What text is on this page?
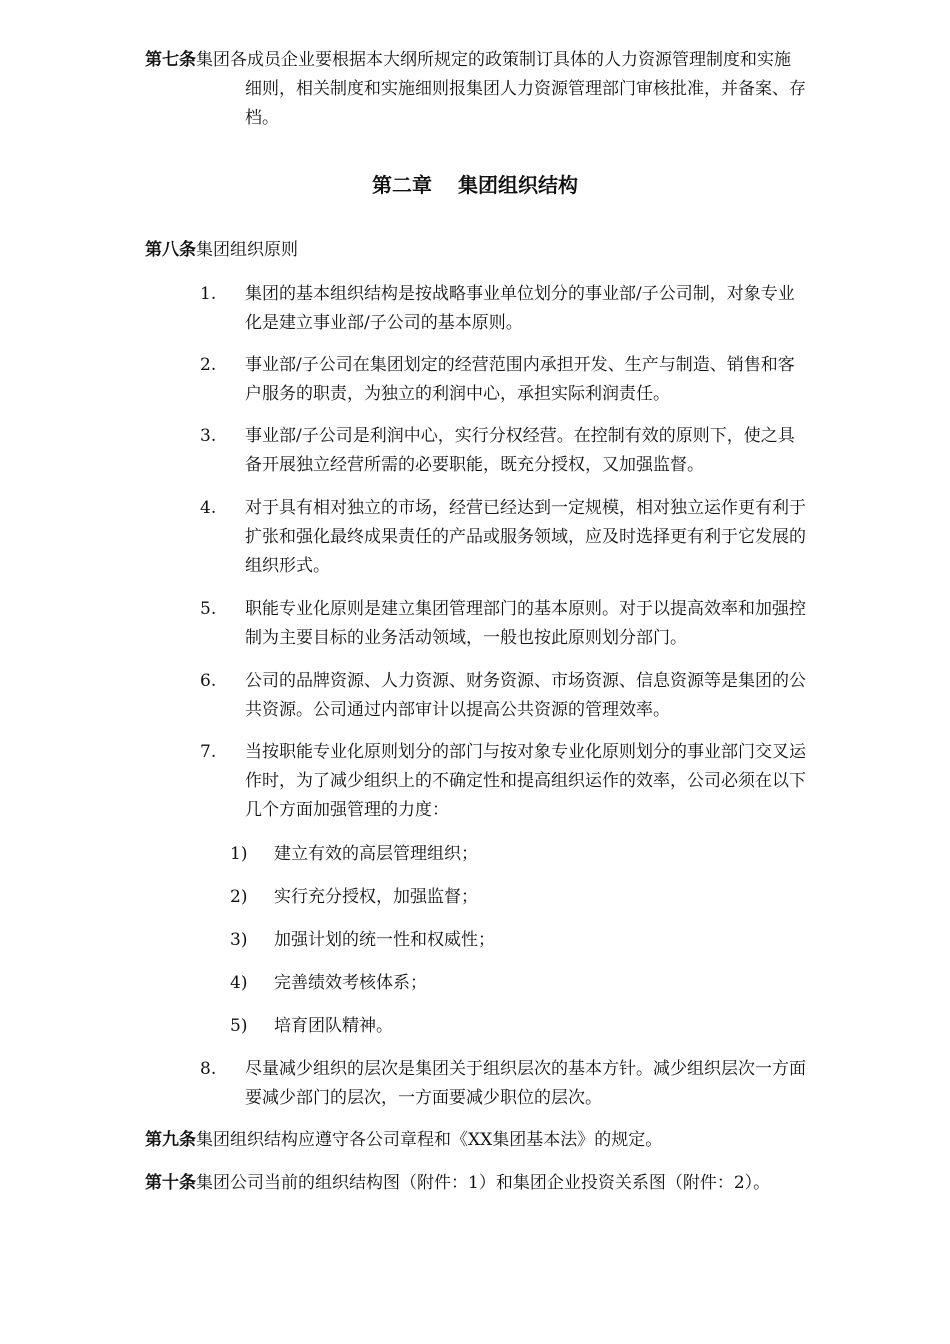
第七条集团各成员企业要根据本大纲所规定的政策制订具体的人力资源管理制度和实施
细则，相关制度和实施细则报集团人力资源管理部门审核批准，并备案、存
档。
第二章 集团组织结构
第八条集团组织原则
1.	集团的基本组织结构是按战略事业单位划分的事业部/子公司制，对象专业
化是建立事业部/子公司的基本原则。
2.	事业部/子公司在集团划定的经营范围内承担开发、生产与制造、销售和客
户服务的职责，为独立的利润中心，承担实际利润责任。
3.	事业部/子公司是利润中心，实行分权经营。在控制有效的原则下，使之具
备开展独立经营所需的必要职能，既充分授权，又加强监督。
4.	对于具有相对独立的市场，经营已经达到一定规模，相对独立运作更有利于
扩张和强化最终成果责任的产品或服务领域，应及时选择更有利于它发展的
组织形式。
5.	职能专业化原则是建立集团管理部门的基本原则。对于以提高效率和加强控
制为主要目标的业务活动领域，一般也按此原则划分部门。
6.	公司的品牌资源、人力资源、财务资源、市场资源、信息资源等是集团的公
共资源。公司通过内部审计以提高公共资源的管理效率。
7.	当按职能专业化原则划分的部门与按对象专业化原则划分的事业部门交叉运
作时，为了减少组织上的不确定性和提高组织运作的效率，公司必须在以下
几个方面加强管理的力度：
1)	建立有效的高层管理组织；
2)	实行充分授权，加强监督；
3)	加强计划的统一性和权威性；
4)	完善绩效考核体系；
5)	培育团队精神。
8.	尽量减少组织的层次是集团关于组织层次的基本方针。减少组织层次一方面
要减少部门的层次，一方面要减少职位的层次。
第九条集团组织结构应遵守各公司章程和《XX集团基本法》的规定。
第十条集团公司当前的组织结构图（附件：1）和集团企业投资关系图（附件：2）。
